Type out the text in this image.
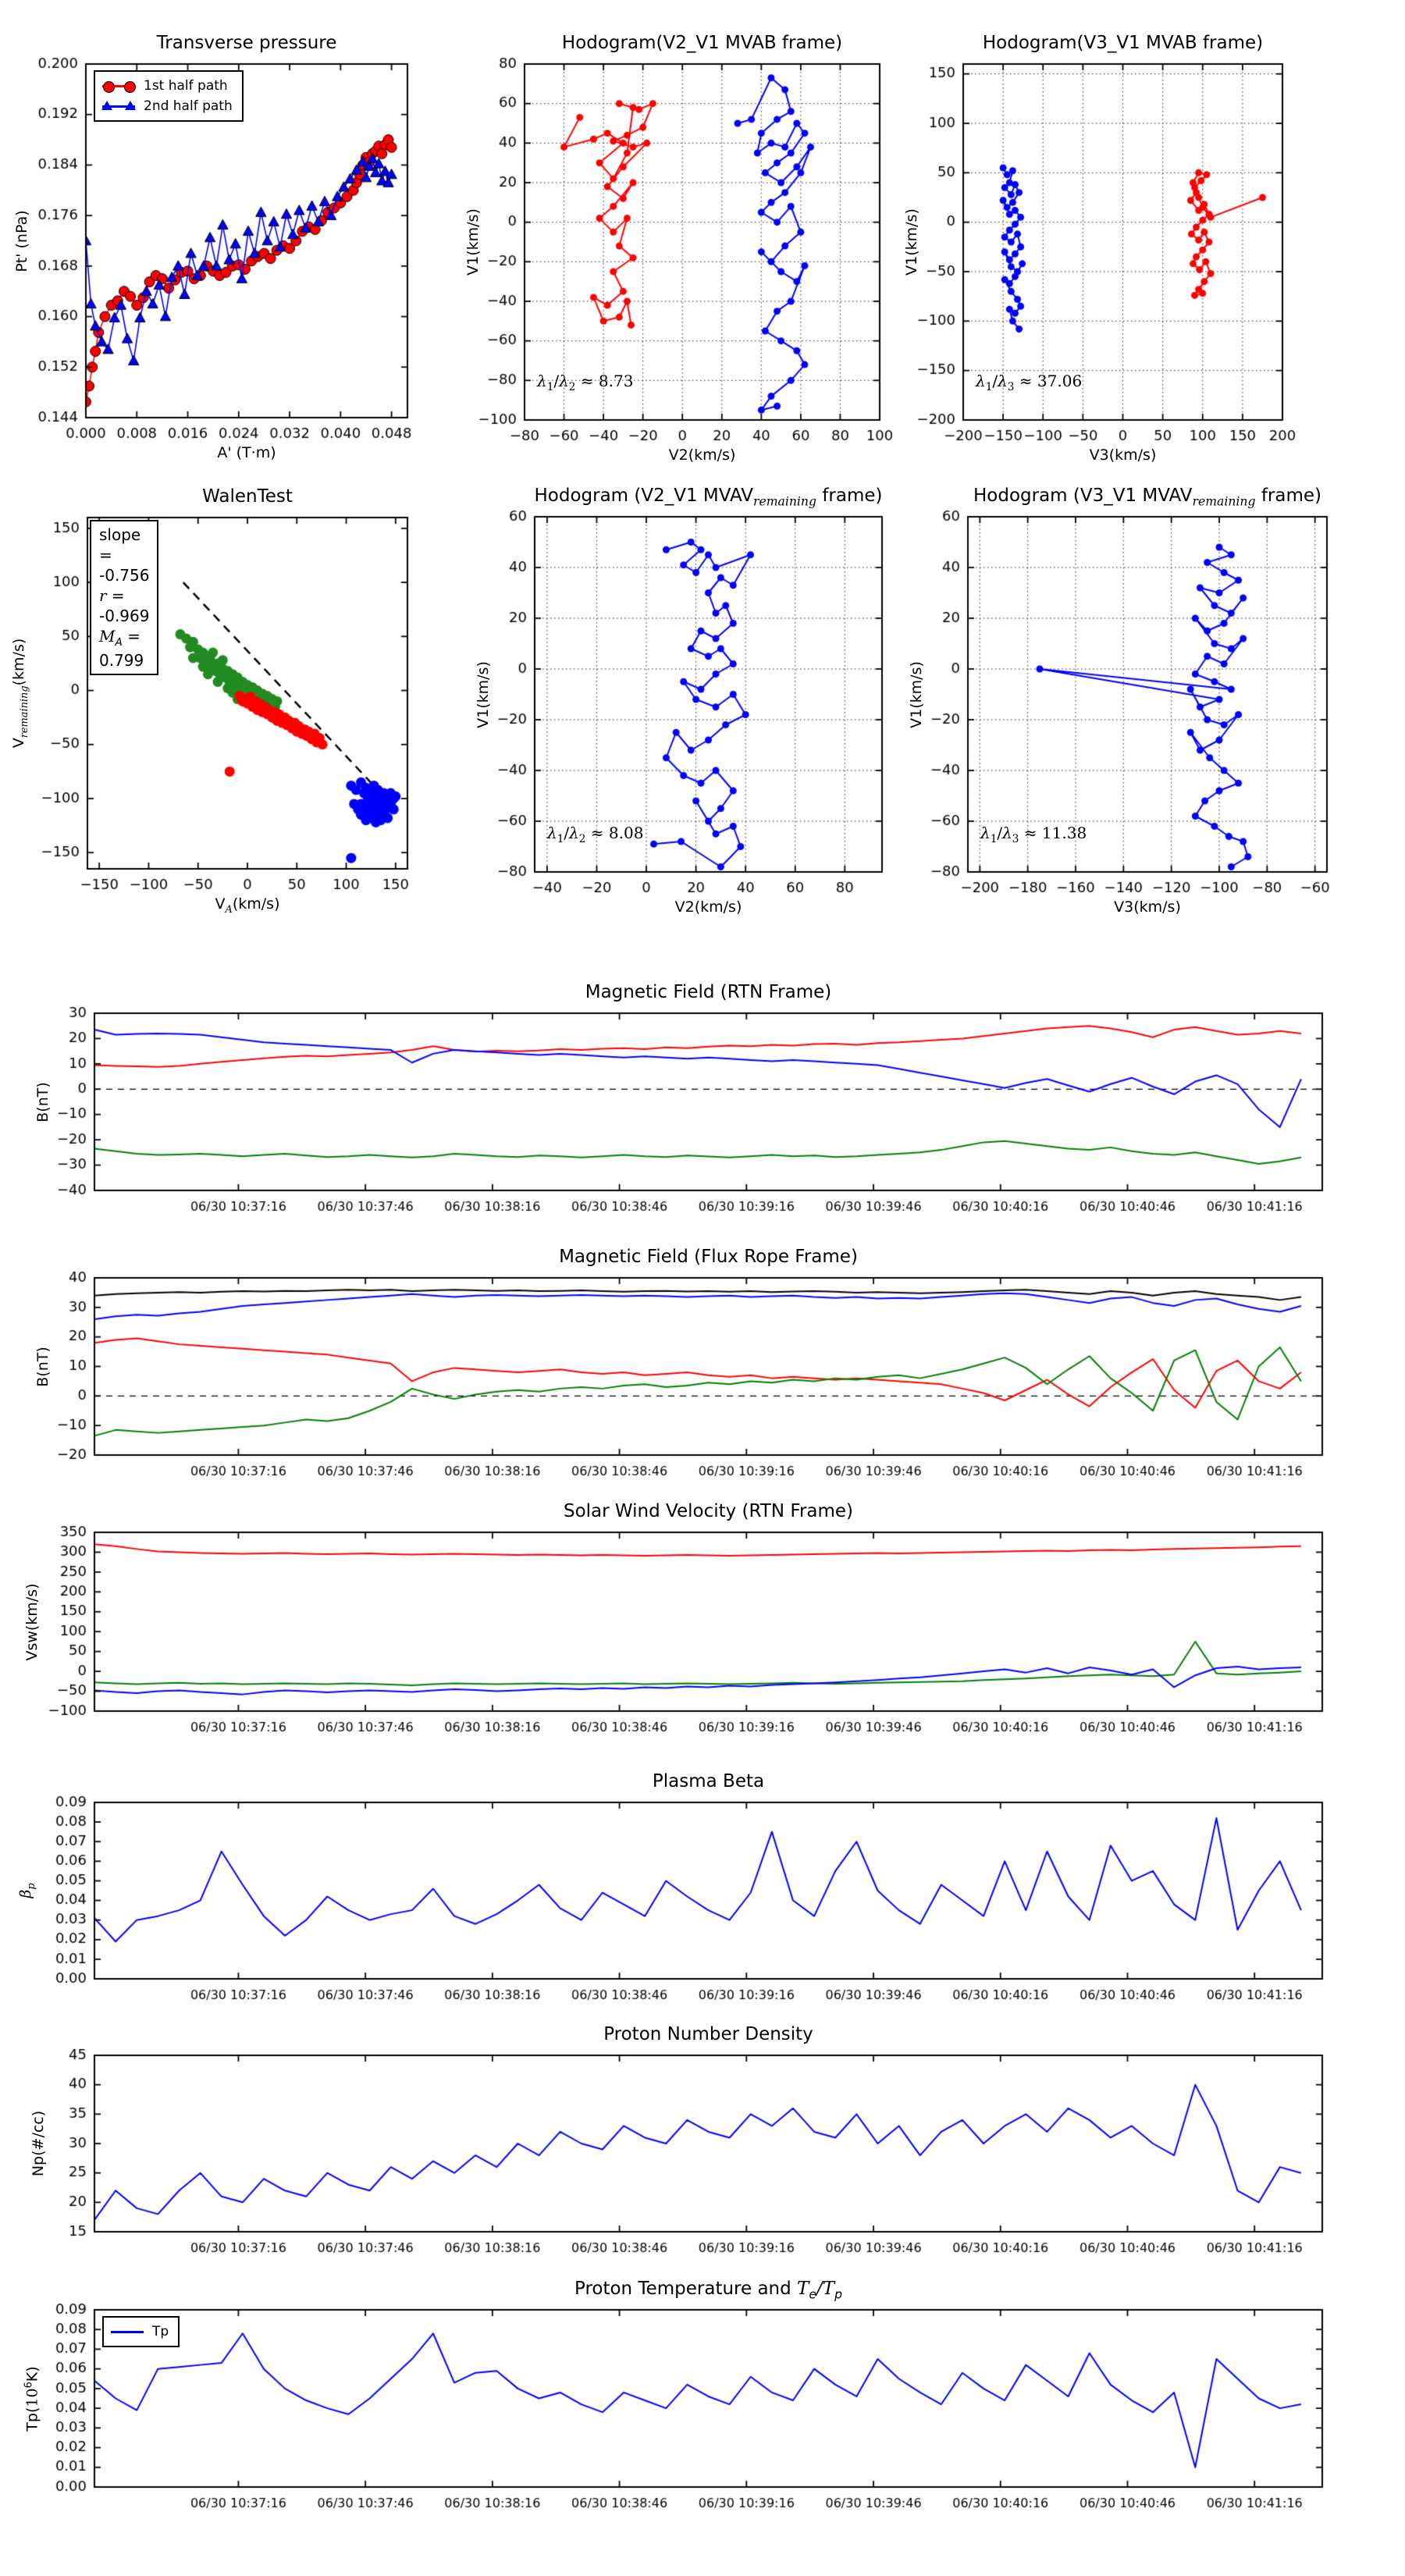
Transverse pressure
A' (T·m)
Pt' (nPa)
1st half path
2nd half path
Hodogram(V2_V1 MVAB frame)
V2(km/s)
V1(km/s)
$\lambda_1/\lambda_2 \approx 8.73$
Hodogram(V3_V1 MVAB frame)
V3(km/s)
V1(km/s)
$\lambda_1/\lambda_3 \approx 37.06$
WalenTest
$V_A(km/s)$
$V_{remaining}(km/s)$
slope = -0.756
r = -0.969
$M_A = 0.799$
Hodogram (V2_V1 $MVAV_{remaining}$ frame)
V2(km/s)
V1(km/s)
$\lambda_1/\lambda_2 \approx 8.08$
Hodogram (V3_V1 $MVAV_{remaining}$ frame)
V3(km/s)
V1(km/s)
$\lambda_1/\lambda_3 \approx 11.38$
Magnetic Field (RTN Frame)
B(nT)
Magnetic Field (Flux Rope Frame)
B(nT)
Solar Wind Velocity (RTN Frame)
Vsw(km/s)
Plasma Beta
$\beta_p$
Proton Number Density
Np(#/cc)
Proton Temperature and $T_e/T_p$
$Tp(10^6K)$
Tp
